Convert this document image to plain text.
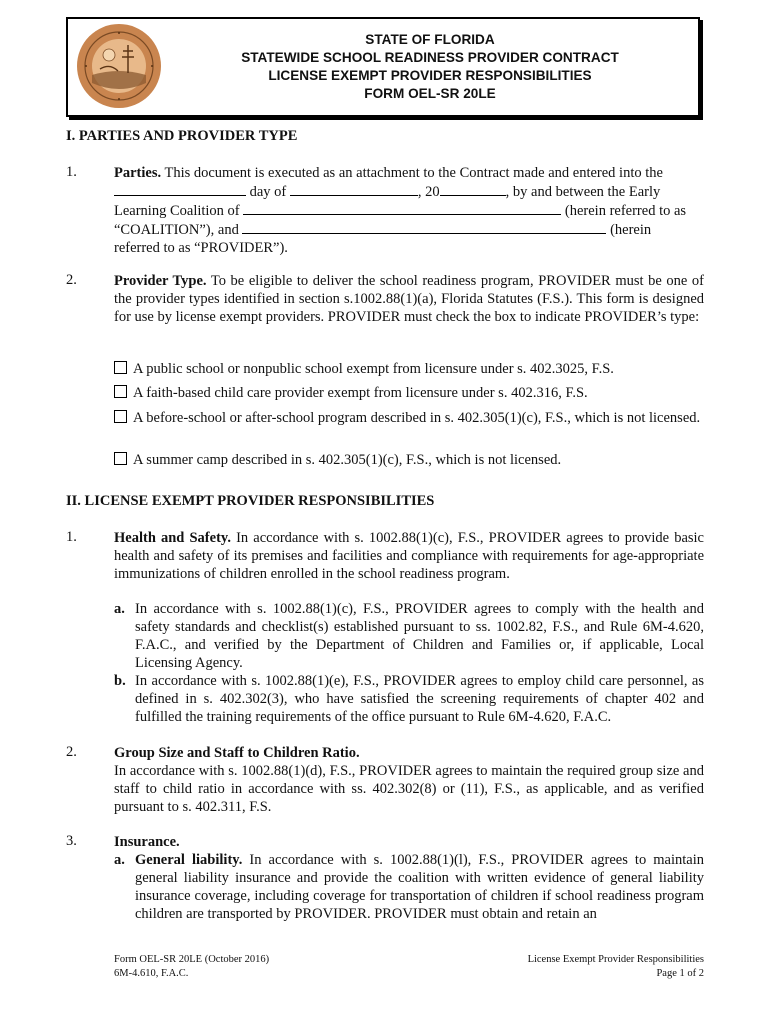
STATE OF FLORIDA
STATEWIDE SCHOOL READINESS PROVIDER CONTRACT
LICENSE EXEMPT PROVIDER RESPONSIBILITIES
FORM OEL-SR 20LE
I. PARTIES AND PROVIDER TYPE
1.	Parties. This document is executed as an attachment to the Contract made and entered into the
day of	, 20	, by and between the Early
Learning Coalition of	(herein referred to as
“COALITION”), and	(herein
referred to as “PROVIDER”).
2.	Provider Type. To be eligible to deliver the school readiness program, PROVIDER must be one of the provider types identified in section s.1002.88(1)(a), Florida Statutes (F.S.). This form is designed for use by license exempt providers. PROVIDER must check the box to indicate PROVIDER’s type:
A public school or nonpublic school exempt from licensure under s. 402.3025, F.S.
A faith-based child care provider exempt from licensure under s. 402.316, F.S.
A before-school or after-school program described in s. 402.305(1)(c), F.S., which is not licensed.
A summer camp described in s. 402.305(1)(c), F.S., which is not licensed.
II. LICENSE EXEMPT PROVIDER RESPONSIBILITIES
1.	Health and Safety. In accordance with s. 1002.88(1)(c), F.S., PROVIDER agrees to provide basic health and safety of its premises and facilities and compliance with requirements for age-appropriate immunizations of children enrolled in the school readiness program.
a. In accordance with s. 1002.88(1)(c), F.S., PROVIDER agrees to comply with the health and safety standards and checklist(s) established pursuant to ss. 1002.82, F.S., and Rule 6M-4.620, F.A.C., and verified by the Department of Children and Families or, if applicable, Local Licensing Agency.
b. In accordance with s. 1002.88(1)(e), F.S., PROVIDER agrees to employ child care personnel, as defined in s. 402.302(3), who have satisfied the screening requirements of chapter 402 and fulfilled the training requirements of the office pursuant to Rule 6M-4.620, F.A.C.
2.	Group Size and Staff to Children Ratio.
In accordance with s. 1002.88(1)(d), F.S., PROVIDER agrees to maintain the required group size and staff to child ratio in accordance with ss. 402.302(8) or (11), F.S., as applicable, and as verified pursuant to s. 402.311, F.S.
3.	Insurance.
a. General liability. In accordance with s. 1002.88(1)(l), F.S., PROVIDER agrees to maintain general liability insurance and provide the coalition with written evidence of general liability insurance coverage, including coverage for transportation of children if school readiness program children are transported by PROVIDER. PROVIDER must obtain and retain an
Form OEL-SR 20LE (October 2016)
6M-4.610, F.A.C.
License Exempt Provider Responsibilities
Page 1 of 2
